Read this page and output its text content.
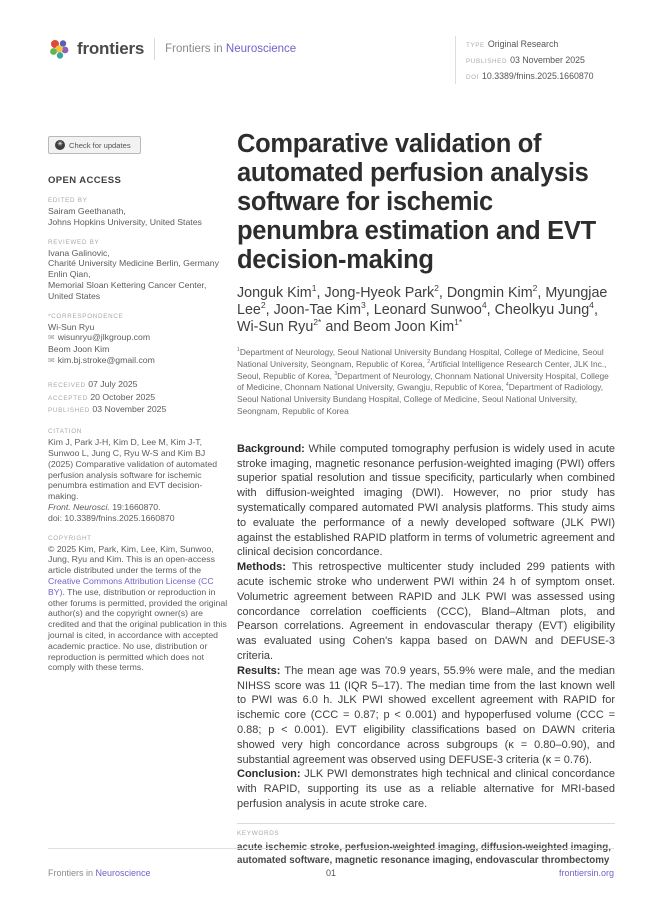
frontiers Frontiers in Neuroscience	TYPE Original Research
PUBLISHED 03 November 2025
DOI 10.3389/fnins.2025.1660870
✳ Check for updates
OPEN ACCESS
EDITED BY
Sairam Geethanath,
Johns Hopkins University, United States
REVIEWED BY
Ivana Galinovic,
Charité University Medicine Berlin, Germany
Enlin Qian,
Memorial Sloan Kettering Cancer Center,
United States
*CORRESPONDENCE
Wi-Sun Ryu
✉ wisunryu@jlkgroup.com
Beom Joon Kim
✉ kim.bj.stroke@gmail.com
RECEIVED 07 July 2025
ACCEPTED 20 October 2025
PUBLISHED 03 November 2025
CITATION
Kim J, Park J-H, Kim D, Lee M, Kim J-T, Sunwoo L, Jung C, Ryu W-S and Kim BJ (2025) Comparative validation of automated perfusion analysis software for ischemic penumbra estimation and EVT decision-making.
Front. Neurosci. 19:1660870.
doi: 10.3389/fnins.2025.1660870
COPYRIGHT
© 2025 Kim, Park, Kim, Lee, Kim, Sunwoo, Jung, Ryu and Kim. This is an open-access article distributed under the terms of the Creative Commons Attribution License (CC BY). The use, distribution or reproduction in other forums is permitted, provided the original author(s) and the copyright owner(s) are credited and that the original publication in this journal is cited, in accordance with accepted academic practice. No use, distribution or reproduction is permitted which does not comply with these terms.
Comparative validation of automated perfusion analysis software for ischemic penumbra estimation and EVT decision-making
Jonguk Kim$^1$, Jong-Hyeok Park$^2$, Dongmin Kim$^2$, Myungjae Lee$^2$, Joon-Tae Kim$^3$, Leonard Sunwoo$^4$, Cheolkyu Jung$^4$, Wi-Sun Ryu$^{2*}$ and Beom Joon Kim$^{1*}$
$^1$Department of Neurology, Seoul National University Bundang Hospital, College of Medicine, Seoul National University, Seongnam, Republic of Korea, $^2$Artificial Intelligence Research Center, JLK Inc., Seoul, Republic of Korea, $^3$Department of Neurology, Chonnam National University Hospital, College of Medicine, Chonnam National University, Gwangju, Republic of Korea, $^4$Department of Radiology, Seoul National University Bundang Hospital, College of Medicine, Seoul National University, Seongnam, Republic of Korea

Background: While computed tomography perfusion is widely used in acute stroke imaging, magnetic resonance perfusion-weighted imaging (PWI) offers superior spatial resolution and tissue specificity, particularly when combined with diffusion-weighted imaging (DWI). However, no prior study has systematically compared automated PWI analysis platforms. This study aims to evaluate the performance of a newly developed software (JLK PWI) against the established RAPID platform in terms of volumetric agreement and clinical decision concordance.

Methods: This retrospective multicenter study included 299 patients with acute ischemic stroke who underwent PWI within 24 h of symptom onset. Volumetric agreement between RAPID and JLK PWI was assessed using concordance correlation coefficients (CCC), Bland–Altman plots, and Pearson correlations. Agreement in endovascular therapy (EVT) eligibility was evaluated using Cohen's kappa based on DAWN and DEFUSE-3 criteria.

Results: The mean age was 70.9 years, 55.9% were male, and the median NIHSS score was 11 (IQR 5–17). The median time from the last known well to PWI was 6.0 h. JLK PWI showed excellent agreement with RAPID for ischemic core (CCC = 0.87; p < 0.001) and hypoperfused volume (CCC = 0.88; p < 0.001). EVT eligibility classifications based on DAWN criteria showed very high concordance across subgroups (κ = 0.80–0.90), and substantial agreement was observed using DEFUSE-3 criteria (κ = 0.76).

Conclusion: JLK PWI demonstrates high technical and clinical concordance with RAPID, supporting its use as a reliable alternative for MRI-based perfusion analysis in acute stroke care.

KEYWORDS
acute ischemic stroke, perfusion-weighted imaging, diffusion-weighted imaging, automated software, magnetic resonance imaging, endovascular thrombectomy
Frontiers in Neuroscience	01	frontiersin.org
